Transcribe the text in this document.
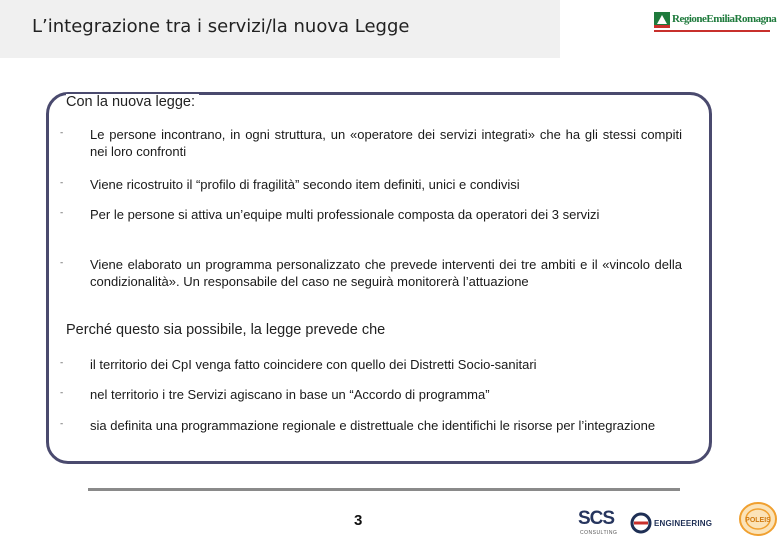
L’integrazione tra i servizi/la nuova Legge	RegioneEmiliaRomagna
Con la nuova legge:
- Le persone incontrano, in ogni struttura, un «operatore dei servizi integrati» che ha gli stessi compiti nei loro confronti
- Viene ricostruito il “profilo di fragilità” secondo item definiti, unici e condivisi
- Per le persone si attiva un’equipe multi professionale composta da operatori dei 3 servizi
- Viene elaborato un programma personalizzato che prevede interventi dei tre ambiti e il «vincolo della condizionalità». Un responsabile del caso ne seguirà monitorerà l’attuazione
Perché questo sia possibile, la legge prevede che
- il territorio dei CpI venga fatto coincidere con quello dei Distretti Socio-sanitari
- nel territorio i tre Servizi agiscano in base un “Accordo di programma”
- sia definita una programmazione regionale e distrettuale che identifichi le risorse per l’integrazione
3	SCS
CONSULTING
ENGINEERING	POLEIS
